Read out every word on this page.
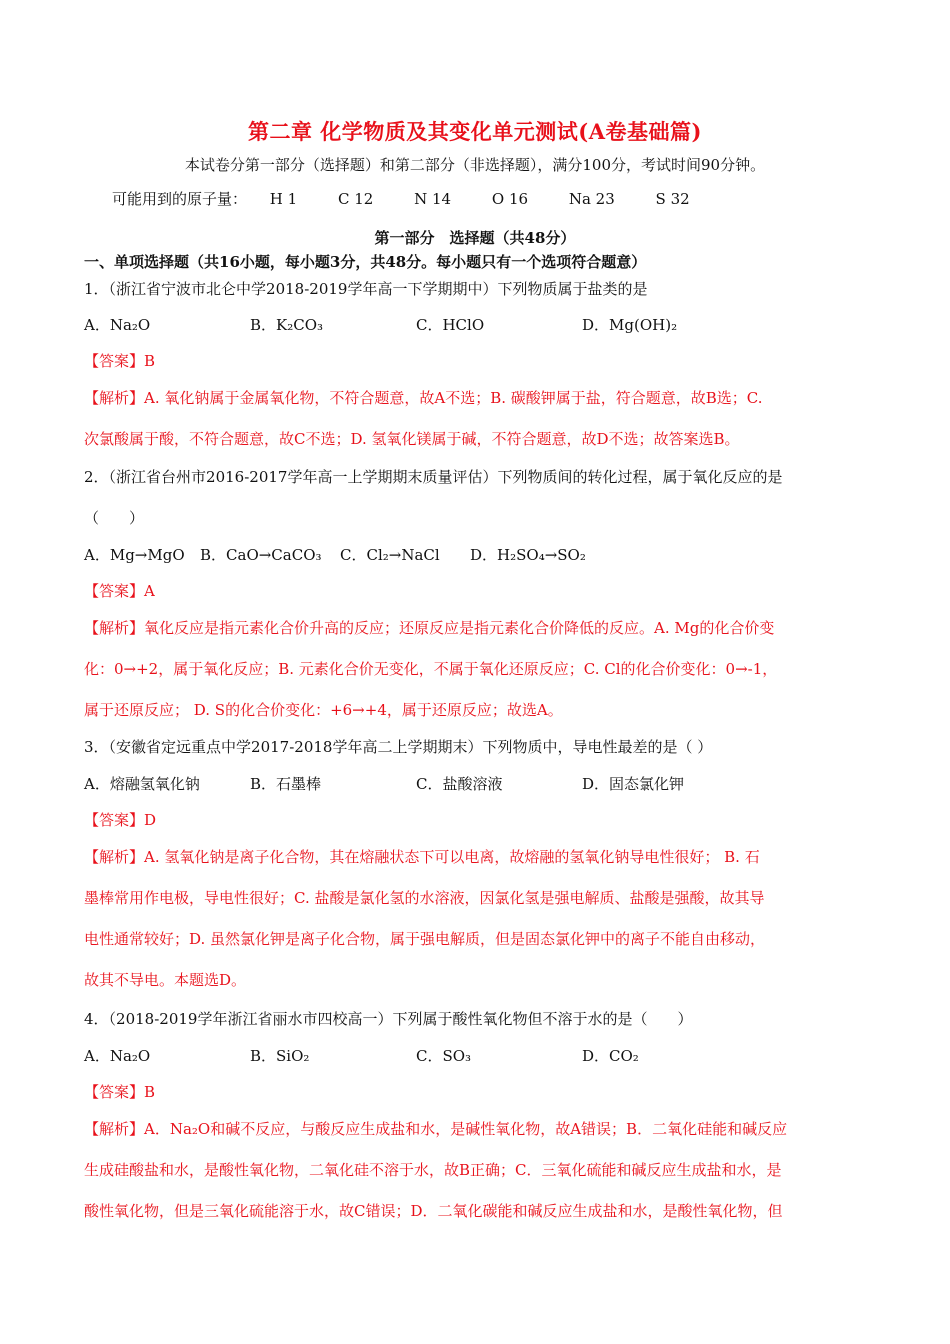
第二章 化学物质及其变化单元测试(A卷基础篇)
本试卷分第一部分（选择题）和第二部分（非选择题），满分100分，考试时间90分钟。
可能用到的原子量： H 1	C 12	N 14	O 16	Na 23	S 32
第一部分　选择题（共48分）
一、单项选择题（共16小题，每小题3分，共48分。每小题只有一个选项符合题意）
1．（浙江省宁波市北仑中学2018-2019学年高一下学期期中）下列物质属于盐类的是
A．Na₂O	B．K₂CO₃	C．HClO	D．Mg(OH)₂
【答案】B
【解析】A. 氧化钠属于金属氧化物，不符合题意，故A不选；B. 碳酸钾属于盐，符合题意，故B选；C.
次氯酸属于酸，不符合题意，故C不选；D. 氢氧化镁属于碱，不符合题意，故D不选；故答案选B。
2．（浙江省台州市2016-2017学年高一上学期期末质量评估）下列物质间的转化过程，属于氧化反应的是
（　　）
A．Mg→MgO B．CaO→CaCO₃ C．Cl₂→NaCl D．H₂SO₄→SO₂
【答案】A
【解析】氧化反应是指元素化合价升高的反应；还原反应是指元素化合价降低的反应。A. Mg的化合价变
化：0→+2，属于氧化反应；B. 元素化合价无变化，不属于氧化还原反应；C. Cl的化合价变化：0→-1，
属于还原反应； D. S的化合价变化：+6→+4，属于还原反应；故选A。
3．（安徽省定远重点中学2017-2018学年高二上学期期末）下列物质中，导电性最差的是（ ）
A．熔融氢氧化钠	B．石墨棒	C．盐酸溶液	D．固态氯化钾
【答案】D
【解析】A. 氢氧化钠是离子化合物，其在熔融状态下可以电离，故熔融的氢氧化钠导电性很好； B. 石
墨棒常用作电极，导电性很好；C. 盐酸是氯化氢的水溶液，因氯化氢是强电解质、盐酸是强酸，故其导
电性通常较好；D. 虽然氯化钾是离子化合物，属于强电解质，但是固态氯化钾中的离子不能自由移动，
故其不导电。本题选D。
4．（2018-2019学年浙江省丽水市四校高一）下列属于酸性氧化物但不溶于水的是（　　）
A．Na₂O	B．SiO₂	C．SO₃	D．CO₂
【答案】B
【解析】A．Na₂O和碱不反应，与酸反应生成盐和水，是碱性氧化物，故A错误；B．二氧化硅能和碱反应
生成硅酸盐和水，是酸性氧化物，二氧化硅不溶于水，故B正确；C．三氧化硫能和碱反应生成盐和水，是
酸性氧化物，但是三氧化硫能溶于水，故C错误；D．二氧化碳能和碱反应生成盐和水，是酸性氧化物，但
